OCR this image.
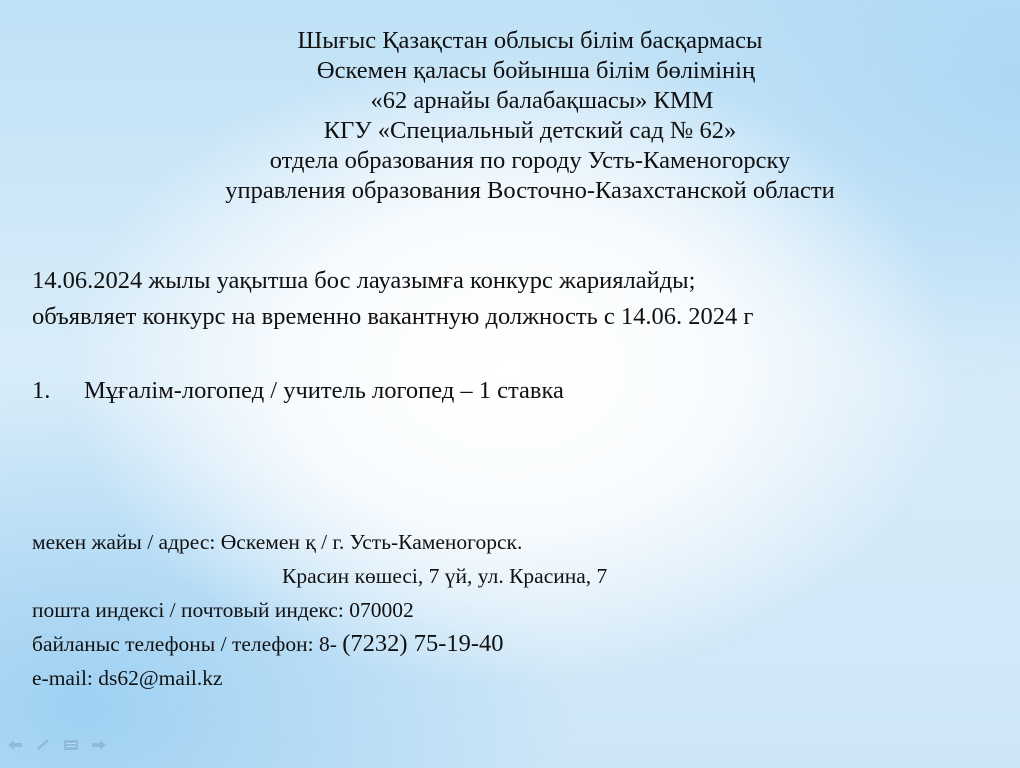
Шығыс Қазақстан облысы білім басқармасы
Өскемен қаласы бойынша білім бөлімінің
«62 арнайы балабақшасы» КММ
КГУ «Специальный детский сад № 62»
отдела образования по городу Усть-Каменогорску
управления образования Восточно-Казахстанской области
14.06.2024 жылы уақытша бос лауазымға конкурс жариялайды;
объявляет конкурс на временно вакантную должность с 14.06. 2024 г
1. Мұғалім-логопед / учитель логопед – 1 ставка
мекен жайы / адрес: Өскемен қ / г. Усть-Каменогорск.
Красин көшесі, 7 үй, ул. Красина, 7
пошта индексі / почтовый индекс: 070002
байланыс телефоны / телефон: 8- (7232) 75-19-40
e-mail: ds62@mail.kz
